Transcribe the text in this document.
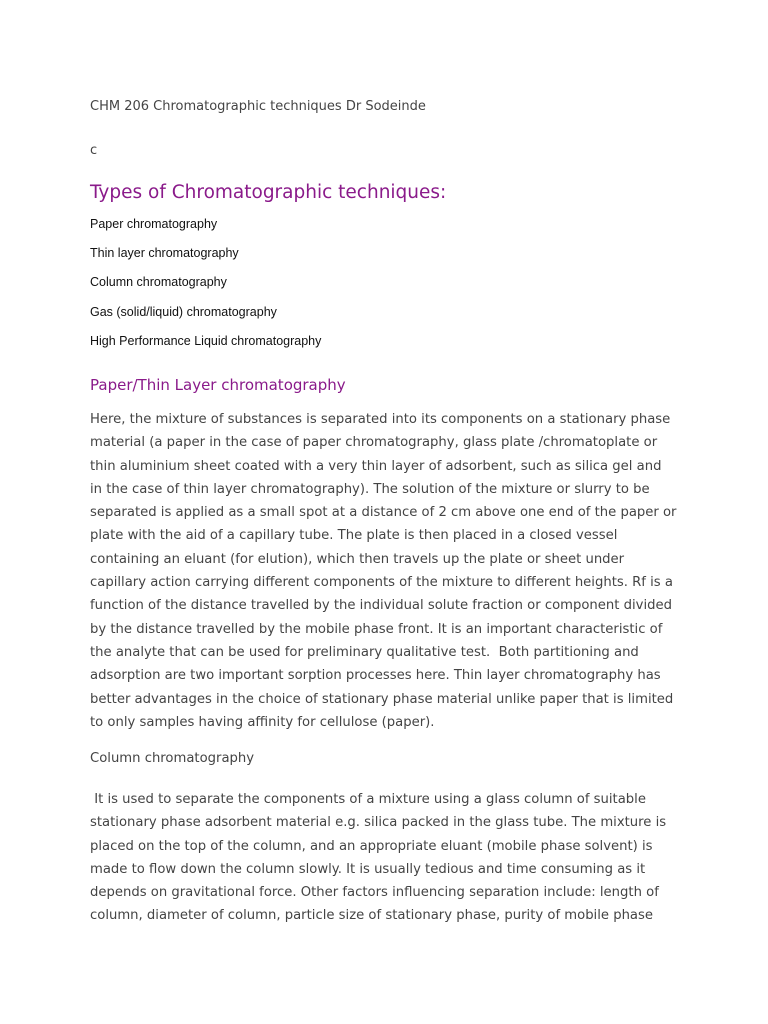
CHM 206 Chromatographic techniques Dr Sodeinde
c
Types of Chromatographic techniques:
Paper chromatography
Thin layer chromatography
Column chromatography
Gas (solid/liquid) chromatography
High Performance Liquid chromatography
Paper/Thin Layer chromatography

Here, the mixture of substances is separated into its components on a stationary phase
material (a paper in the case of paper chromatography, glass plate /chromatoplate or
thin aluminium sheet coated with a very thin layer of adsorbent, such as silica gel and
in the case of thin layer chromatography). The solution of the mixture or slurry to be
separated is applied as a small spot at a distance of 2 cm above one end of the paper or
plate with the aid of a capillary tube. The plate is then placed in a closed vessel
containing an eluant (for elution), which then travels up the plate or sheet under
capillary action carrying different components of the mixture to different heights. Rf is a
function of the distance travelled by the individual solute fraction or component divided
by the distance travelled by the mobile phase front. It is an important characteristic of
the analyte that can be used for preliminary qualitative test.  Both partitioning and
adsorption are two important sorption processes here. Thin layer chromatography has
better advantages in the choice of stationary phase material unlike paper that is limited
to only samples having affinity for cellulose (paper).

Column chromatography

It is used to separate the components of a mixture using a glass column of suitable
stationary phase adsorbent material e.g. silica packed in the glass tube. The mixture is
placed on the top of the column, and an appropriate eluant (mobile phase solvent) is
made to flow down the column slowly. It is usually tedious and time consuming as it
depends on gravitational force. Other factors influencing separation include: length of
column, diameter of column, particle size of stationary phase, purity of mobile phase
